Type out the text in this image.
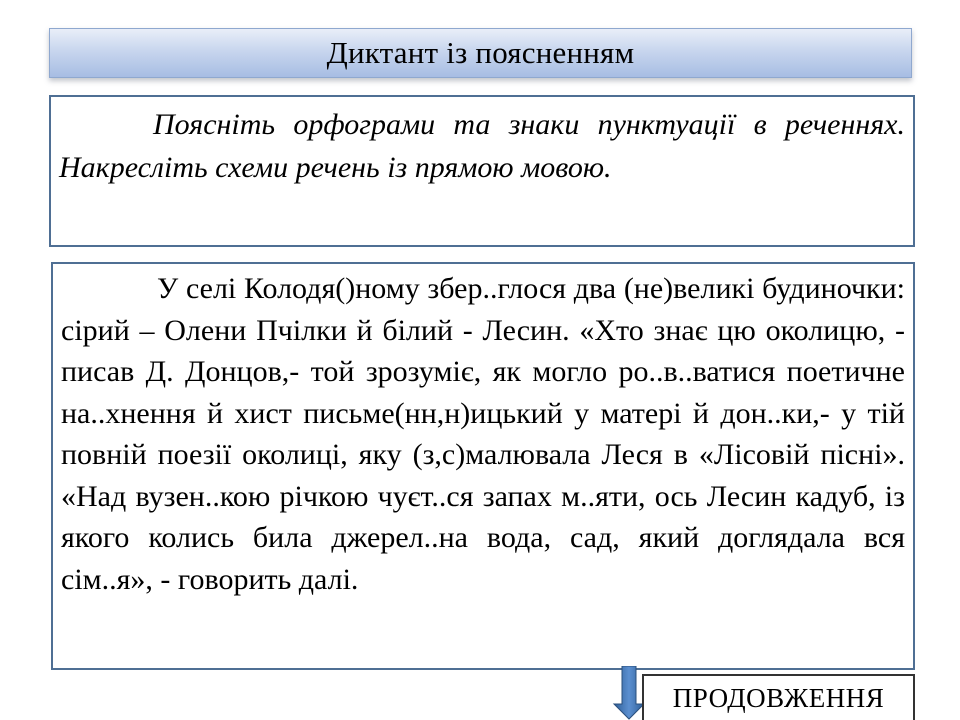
Диктант із поясненням

Поясніть орфограми та знаки пунктуації в реченнях. Накресліть схеми речень із прямою мовою.

У селі Колодя()ному збер..глося два (не)великі будиночки: сірий – Олени Пчілки й білий - Лесин. «Хто знає цю околицю, - писав Д. Донцов,- той зрозуміє, як могло ро..в..ватися поетичне на..хнення й хист письме(нн,н)ицький у матері й дон..ки,- у тій повній поезії околиці, яку (з,с)малювала Леся в «Лісовій пісні». «Над вузен..кою річкою чуєт..ся запах м..яти, ось Лесин кадуб, із якого колись била джерел..на вода, сад, який доглядала вся сім..я», - говорить далі.

ПРОДОВЖЕННЯ
